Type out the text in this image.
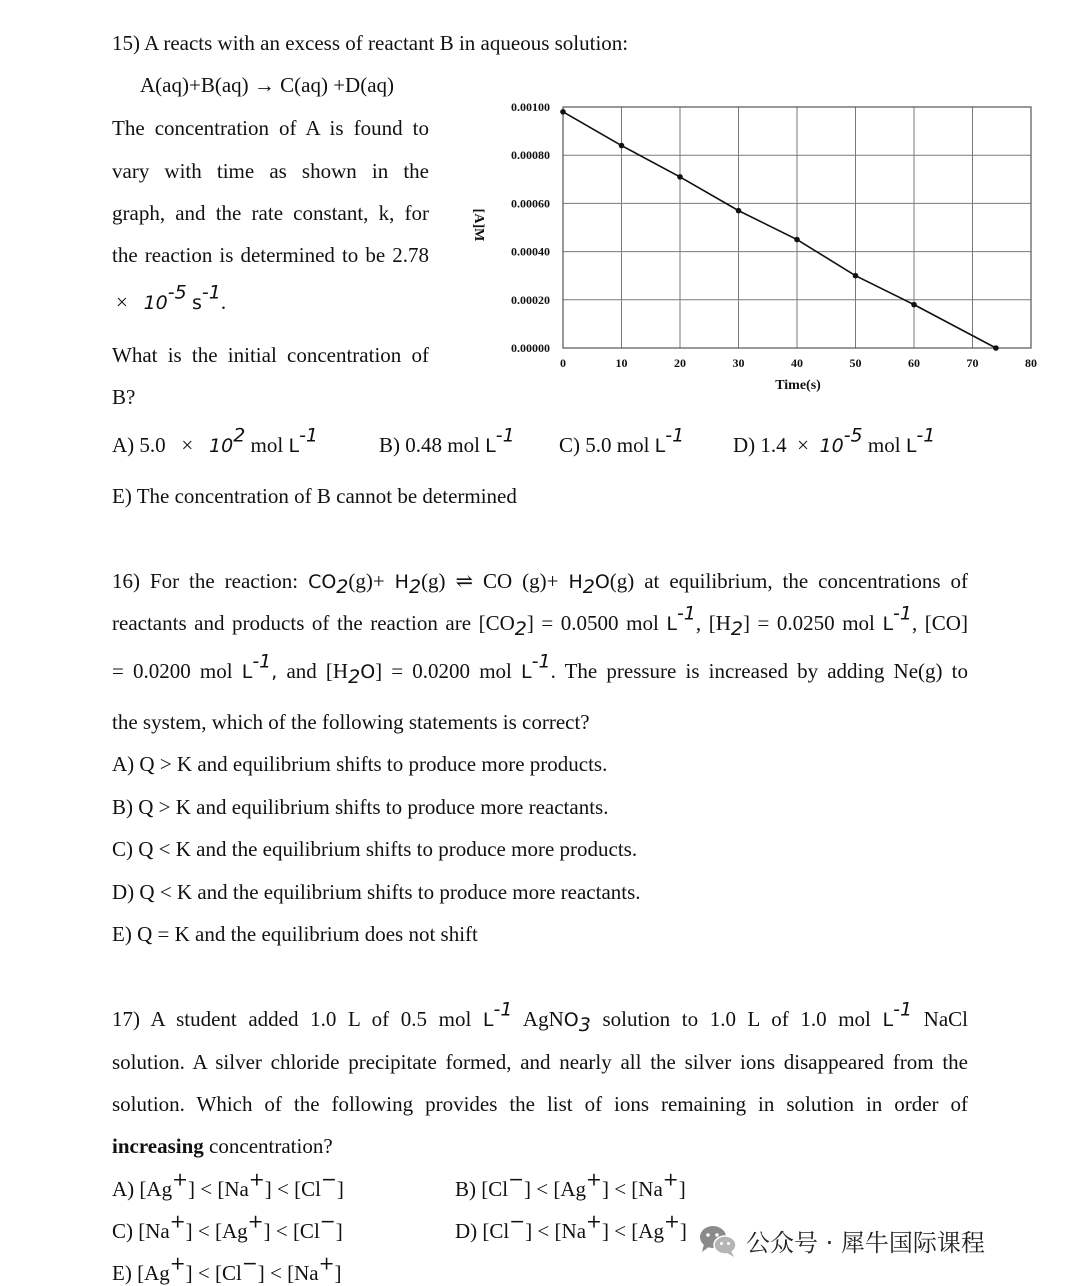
15) A reacts with an excess of reactant B in aqueous solution:
A(aq)+B(aq) → C(aq) +D(aq)
The concentration of A is found to
vary with time as shown in the
graph, and the rate constant, k, for
the reaction is determined to be 2.78
× $10^{-5}$ $s^{-1}$.
What is the initial concentration of
B?
0	10	20	30	40	50	60	70	80
0.00000
0.00020
0.00040
0.00060
0.00080
0.00100
Time(s)
[A]M
A) $5.0 \times 10^2$ mol $L^{-1}$	B) 0.48 mol $L^{-1}$ C) 5.0 mol $L^{-1}$ D) $1.4 \times 10^{-5}$ mol $L^{-1}$
E) The concentration of B cannot be determined
16) For the reaction: $CO_2(g)+ H_2(g)$ ⇌ CO $(g)+ H_2O(g)$ at equilibrium, the concentrations of
reactants and products of the reaction are $[CO_2] = 0.0500$ mol $L^{-1}$, $[H_2] = 0.0250$ mol $L^{-1}$, [CO]
= 0.0200 mol $L^{-1}$, and $[H_2O] = 0.0200$ mol $L^{-1}$. The pressure is increased by adding Ne(g) to
the system, which of the following statements is correct?
A) Q > K and equilibrium shifts to produce more products.
B) Q > K and equilibrium shifts to produce more reactants.
C) Q < K and the equilibrium shifts to produce more products.
D) Q < K and the equilibrium shifts to produce more reactants.
E) Q = K and the equilibrium does not shift
17) A student added 1.0 L of 0.5 mol $L^{-1}$ AgNO$_3$ solution to 1.0 L of 1.0 mol $L^{-1}$ NaCl
solution. A silver chloride precipitate formed, and nearly all the silver ions disappeared from the
solution. Which of the following provides the list of ions remaining in solution in order of
increasing concentration?
A) [Ag+] < [Na+] < [Cl−]	B) [Cl−] < [Ag+] < [Na+]
C) [Na+] < [Ag+] < [Cl−]	D) [Cl−] < [Na+] < [Ag+]
E) [Ag+] < [Cl−] < [Na+]
公众号 · 犀牛国际课程
